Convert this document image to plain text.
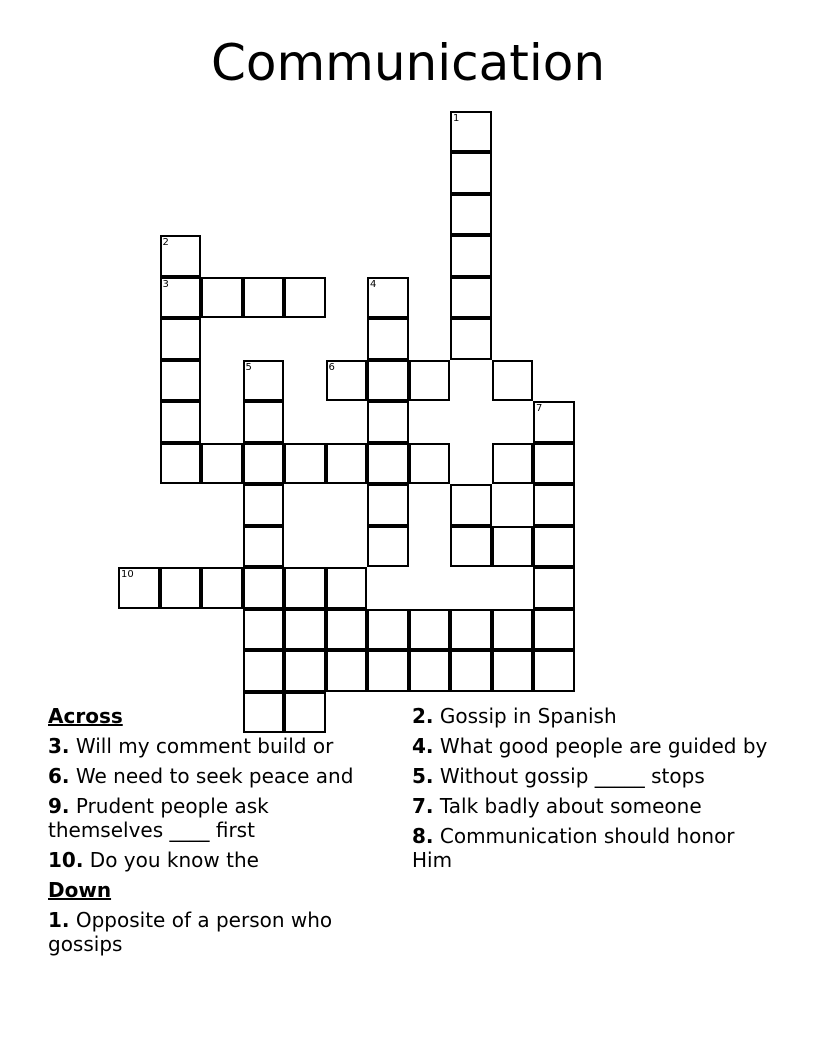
Communication
1
2
3	4
5	6
7
10
Across
3. Will my comment build or
6. We need to seek peace and
9. Prudent people ask themselves ____ first
10. Do you know the
Down
1. Opposite of a person who gossips
2. Gossip in Spanish
4. What good people are guided by
5. Without gossip _____ stops
7. Talk badly about someone
8. Communication should honor Him
